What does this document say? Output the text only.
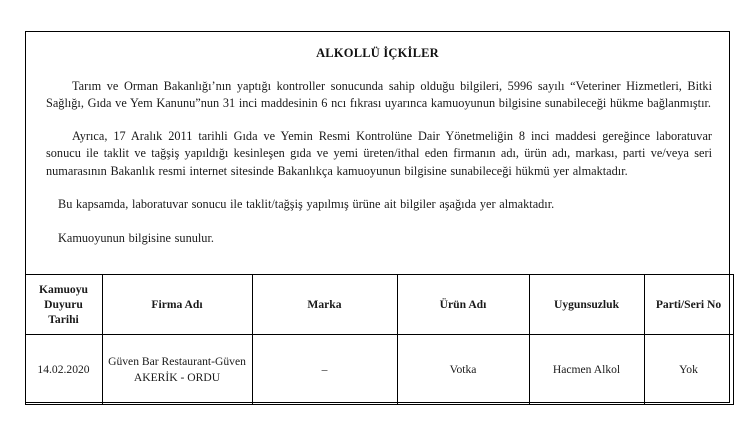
ALKOLLÜ İÇKİLER

Tarım ve Orman Bakanlığı’nın yaptığı kontroller sonucunda sahip olduğu bilgileri, 5996 sayılı “Veteriner Hizmetleri, Bitki Sağlığı, Gıda ve Yem Kanunu”nun 31 inci maddesinin 6 ncı fıkrası uyarınca kamuoyunun bilgisine sunabileceği hükme bağlanmıştır.

Ayrıca, 17 Aralık 2011 tarihli Gıda ve Yemin Resmi Kontrolüne Dair Yönetmeliğin 8 inci maddesi gereğince laboratuvar sonucu ile taklit ve tağşiş yapıldığı kesinleşen gıda ve yemi üreten/ithal eden firmanın adı, ürün adı, markası, parti ve/veya seri numarasının Bakanlık resmi internet sitesinde Bakanlıkça kamuoyunun bilgisine sunabileceği hükmü yer almaktadır.

Bu kapsamda, laboratuvar sonucu ile taklit/tağşiş yapılmış ürüne ait bilgiler aşağıda yer almaktadır.

Kamuoyunun bilgisine sunulur.

Kamuoyu Duyuru Tarihi	Firma Adı	Marka	Ürün Adı	Uygunsuzluk	Parti/Seri No
14.02.2020	Güven Bar Restaurant-Güven
AKERİK - ORDU	–	Votka	Hacmen Alkol	Yok
